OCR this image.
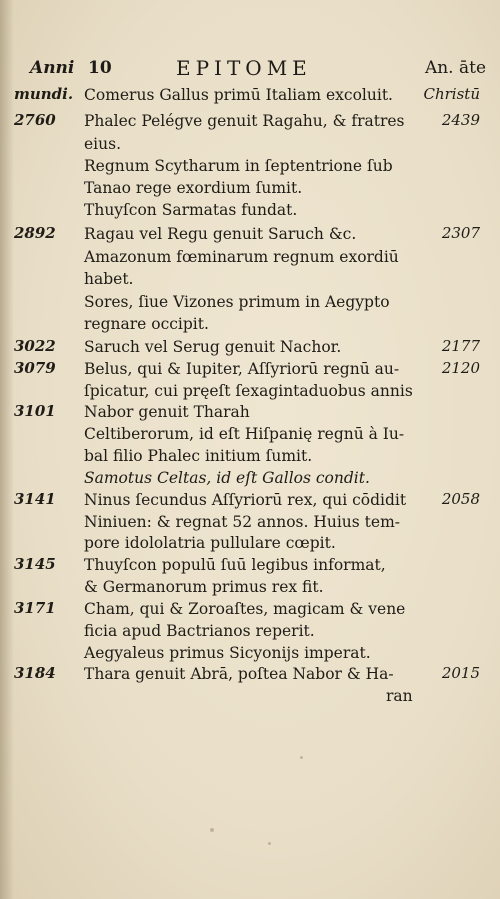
Anni 10	EPITOME	An. āte
mundi. Comerus Gallus primū Italiam excoluit.	Christū
2760 Phalec Pelégve genuit Ragahu, & fratres	2439
eius.
Regnum Scytharum in ſeptentrione ſub
Tanao rege exordium ſumit.
Thuyſcon Sarmatas fundat.
2892 Ragau vel Regu genuit Saruch &c.	2307
Amazonum fœminarum regnum exordiū
habet.
Sores, ſiue Vizones primum in Aegypto
regnare occipit.
3022 Saruch vel Serug genuit Nachor.	2177
3079 Belus, qui & Iupiter, Aſſyriorū regnū au-	2120
ſpicatur, cui pręeſt ſexagintaduobus annis
3101 Nabor genuit Tharah
Celtiberorum, id eſt Hiſpanię regnū à Iu-
bal filio Phalec initium ſumit.
Samotus Celtas, id eſt Gallos condit.
3141 Ninus ſecundus Aſſyriorū rex, qui cōdidit	2058
Niniuen: & regnat 52 annos. Huius tem-
pore idololatria pullulare cœpit.
3145 Thuyſcon populū ſuū legibus informat,
& Germanorum primus rex fit.
3171 Cham, qui & Zoroaſtes, magicam & vene
ficia apud Bactrianos reperit.
Aegyaleus primus Sicyonijs imperat.
3184 Thara genuit Abrā, poſtea Nabor & Ha-	2015
ran
